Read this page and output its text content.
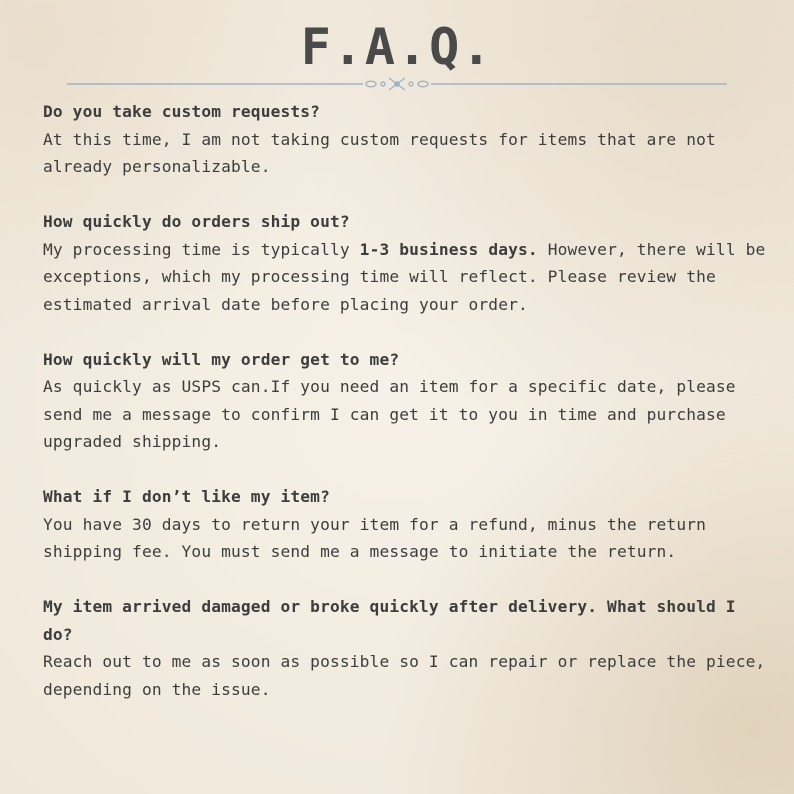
F.A.Q.
Do you take custom requests?
At this time, I am not taking custom requests for items that are not already personalizable.
How quickly do orders ship out?
My processing time is typically 1-3 business days. However, there will be exceptions, which my processing time will reflect. Please review the estimated arrival date before placing your order.
How quickly will my order get to me?
As quickly as USPS can.If you need an item for a specific date, please send me a message to confirm I can get it to you in time and purchase upgraded shipping.
What if I don’t like my item?
You have 30 days to return your item for a refund, minus the return shipping fee. You must send me a message to initiate the return.
My item arrived damaged or broke quickly after delivery. What should I do?
Reach out to me as soon as possible so I can repair or replace the piece, depending on the issue.
